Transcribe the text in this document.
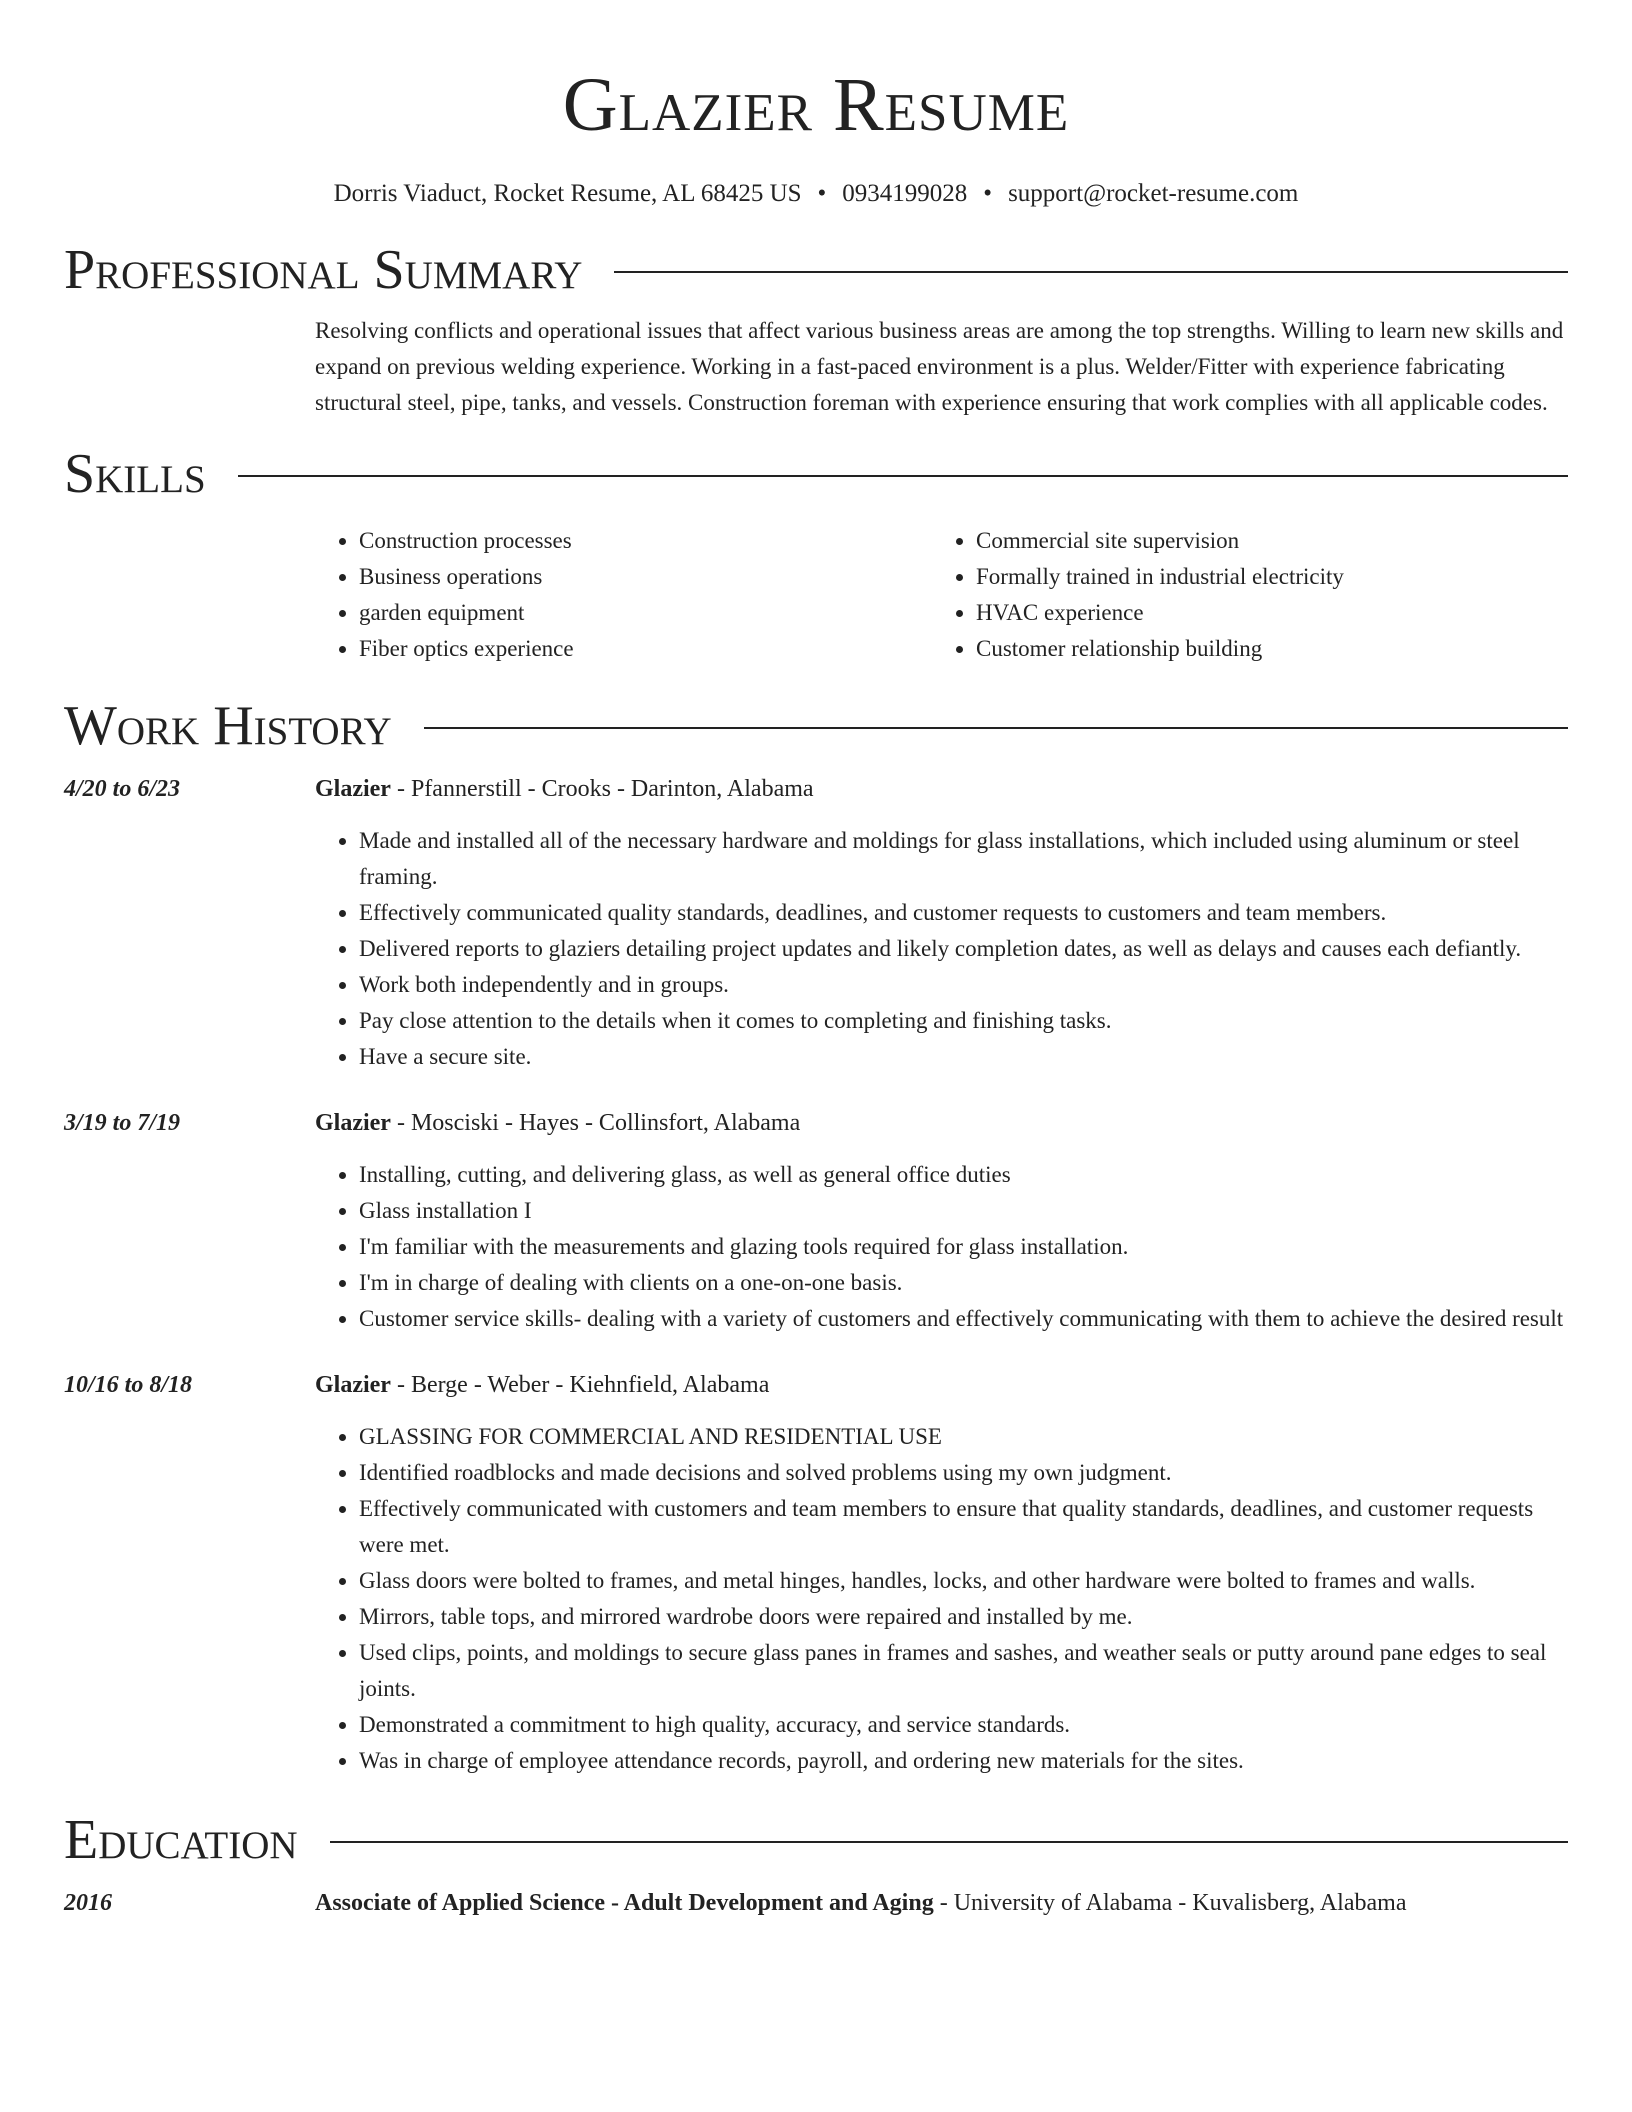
Glazier Resume
Dorris Viaduct, Rocket Resume, AL 68425 US • 0934199028 • support@rocket-resume.com
Professional Summary

Resolving conflicts and operational issues that affect various business areas are among the top strengths. Willing to learn new skills and expand on previous welding experience. Working in a fast-paced environment is a plus. Welder/Fitter with experience fabricating structural steel, pipe, tanks, and vessels. Construction foreman with experience ensuring that work complies with all applicable codes.

Skills
• Construction processes
• Business operations
• garden equipment
• Fiber optics experience
• Commercial site supervision
• Formally trained in industrial electricity
• HVAC experience
• Customer relationship building
Work History
4/20 to 6/23	Glazier - Pfannerstill - Crooks - Darinton, Alabama
• Made and installed all of the necessary hardware and moldings for glass installations, which included using aluminum or steel framing.
• Effectively communicated quality standards, deadlines, and customer requests to customers and team members.
• Delivered reports to glaziers detailing project updates and likely completion dates, as well as delays and causes each defiantly.
• Work both independently and in groups.
• Pay close attention to the details when it comes to completing and finishing tasks.
• Have a secure site.
3/19 to 7/19	Glazier - Mosciski - Hayes - Collinsfort, Alabama
• Installing, cutting, and delivering glass, as well as general office duties
• Glass installation I
• I'm familiar with the measurements and glazing tools required for glass installation.
• I'm in charge of dealing with clients on a one-on-one basis.
• Customer service skills- dealing with a variety of customers and effectively communicating with them to achieve the desired result
10/16 to 8/18	Glazier - Berge - Weber - Kiehnfield, Alabama
• GLASSING FOR COMMERCIAL AND RESIDENTIAL USE
• Identified roadblocks and made decisions and solved problems using my own judgment.
• Effectively communicated with customers and team members to ensure that quality standards, deadlines, and customer requests were met.
• Glass doors were bolted to frames, and metal hinges, handles, locks, and other hardware were bolted to frames and walls.
• Mirrors, table tops, and mirrored wardrobe doors were repaired and installed by me.
• Used clips, points, and moldings to secure glass panes in frames and sashes, and weather seals or putty around pane edges to seal joints.
• Demonstrated a commitment to high quality, accuracy, and service standards.
• Was in charge of employee attendance records, payroll, and ordering new materials for the sites.
Education
2016	Associate of Applied Science - Adult Development and Aging - University of Alabama - Kuvalisberg, Alabama
